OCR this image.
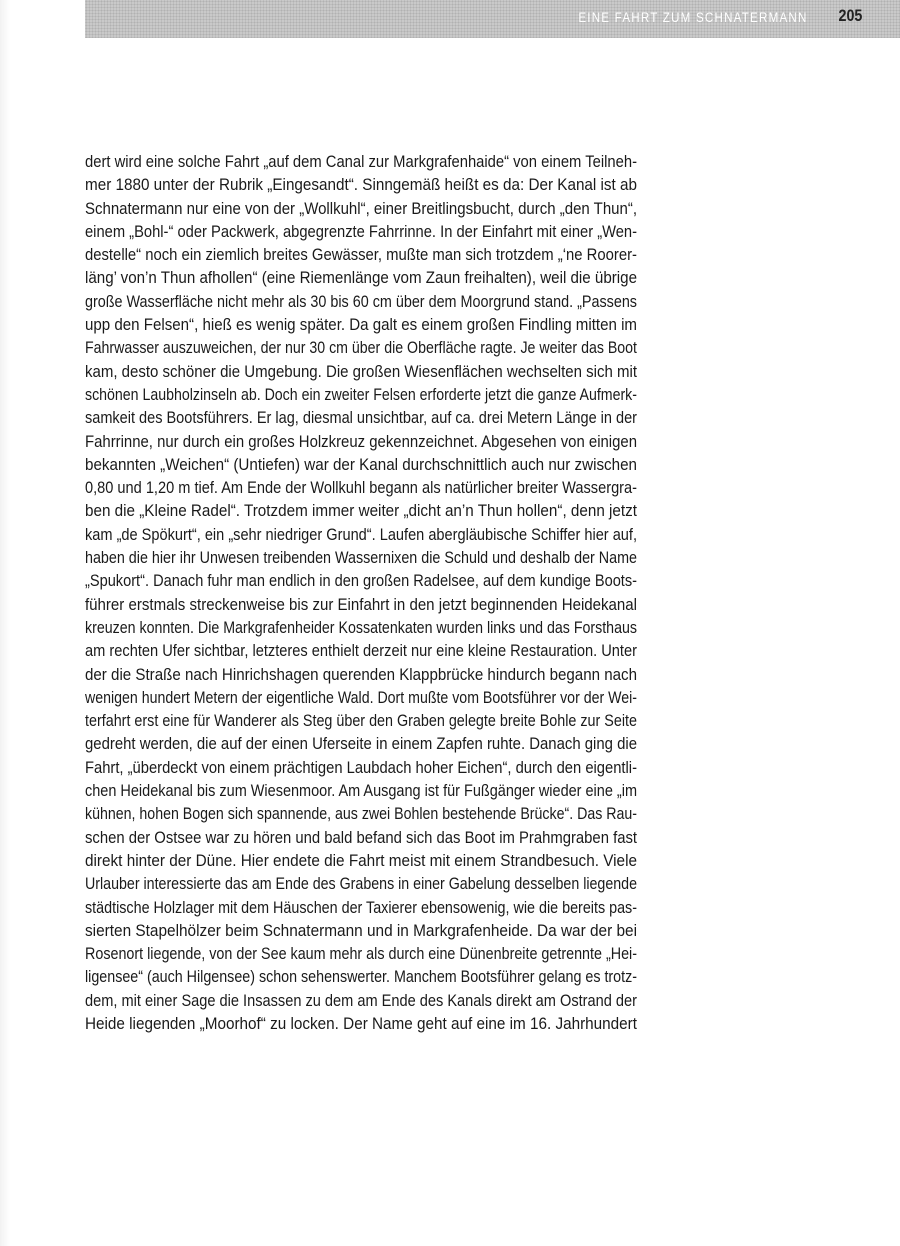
EINE FAHRT ZUM SCHNATERMANN 205
dert wird eine solche Fahrt „auf dem Canal zur Markgrafenhaide“ von einem Teilneh-
mer 1880 unter der Rubrik „Eingesandt“. Sinngemäß heißt es da: Der Kanal ist ab
Schnatermann nur eine von der „Wollkuhl“, einer Breitlingsbucht, durch „den Thun“,
einem „Bohl-“ oder Packwerk, abgegrenzte Fahrrinne. In der Einfahrt mit einer „Wen-
destelle“ noch ein ziemlich breites Gewässer, mußte man sich trotzdem „‘ne Roorer-
läng’ von’n Thun afhollen“ (eine Riemenlänge vom Zaun freihalten), weil die übrige
große Wasserfläche nicht mehr als 30 bis 60 cm über dem Moorgrund stand. „Passens
upp den Felsen“, hieß es wenig später. Da galt es einem großen Findling mitten im
Fahrwasser auszuweichen, der nur 30 cm über die Oberfläche ragte. Je weiter das Boot
kam, desto schöner die Umgebung. Die großen Wiesenflächen wechselten sich mit
schönen Laubholzinseln ab. Doch ein zweiter Felsen erforderte jetzt die ganze Aufmerk-
samkeit des Bootsführers. Er lag, diesmal unsichtbar, auf ca. drei Metern Länge in der
Fahrrinne, nur durch ein großes Holzkreuz gekennzeichnet. Abgesehen von einigen
bekannten „Weichen“ (Untiefen) war der Kanal durchschnittlich auch nur zwischen
0,80 und 1,20 m tief. Am Ende der Wollkuhl begann als natürlicher breiter Wassergra-
ben die „Kleine Radel“. Trotzdem immer weiter „dicht an’n Thun hollen“, denn jetzt
kam „de Spökurt“, ein „sehr niedriger Grund“. Laufen abergläubische Schiffer hier auf,
haben die hier ihr Unwesen treibenden Wassernixen die Schuld und deshalb der Name
„Spukort“. Danach fuhr man endlich in den großen Radelsee, auf dem kundige Boots-
führer erstmals streckenweise bis zur Einfahrt in den jetzt beginnenden Heidekanal
kreuzen konnten. Die Markgrafenheider Kossatenkaten wurden links und das Forsthaus
am rechten Ufer sichtbar, letzteres enthielt derzeit nur eine kleine Restauration. Unter
der die Straße nach Hinrichshagen querenden Klappbrücke hindurch begann nach
wenigen hundert Metern der eigentliche Wald. Dort mußte vom Bootsführer vor der Wei-
terfahrt erst eine für Wanderer als Steg über den Graben gelegte breite Bohle zur Seite
gedreht werden, die auf der einen Uferseite in einem Zapfen ruhte. Danach ging die
Fahrt, „überdeckt von einem prächtigen Laubdach hoher Eichen“, durch den eigentli-
chen Heidekanal bis zum Wiesenmoor. Am Ausgang ist für Fußgänger wieder eine „im
kühnen, hohen Bogen sich spannende, aus zwei Bohlen bestehende Brücke“. Das Rau-
schen der Ostsee war zu hören und bald befand sich das Boot im Prahmgraben fast
direkt hinter der Düne. Hier endete die Fahrt meist mit einem Strandbesuch. Viele
Urlauber interessierte das am Ende des Grabens in einer Gabelung desselben liegende
städtische Holzlager mit dem Häuschen der Taxierer ebensowenig, wie die bereits pas-
sierten Stapelhölzer beim Schnatermann und in Markgrafenheide. Da war der bei
Rosenort liegende, von der See kaum mehr als durch eine Dünenbreite getrennte „Hei-
ligensee“ (auch Hilgensee) schon sehenswerter. Manchem Bootsführer gelang es trotz-
dem, mit einer Sage die Insassen zu dem am Ende des Kanals direkt am Ostrand der
Heide liegenden „Moorhof“ zu locken. Der Name geht auf eine im 16. Jahrhundert
